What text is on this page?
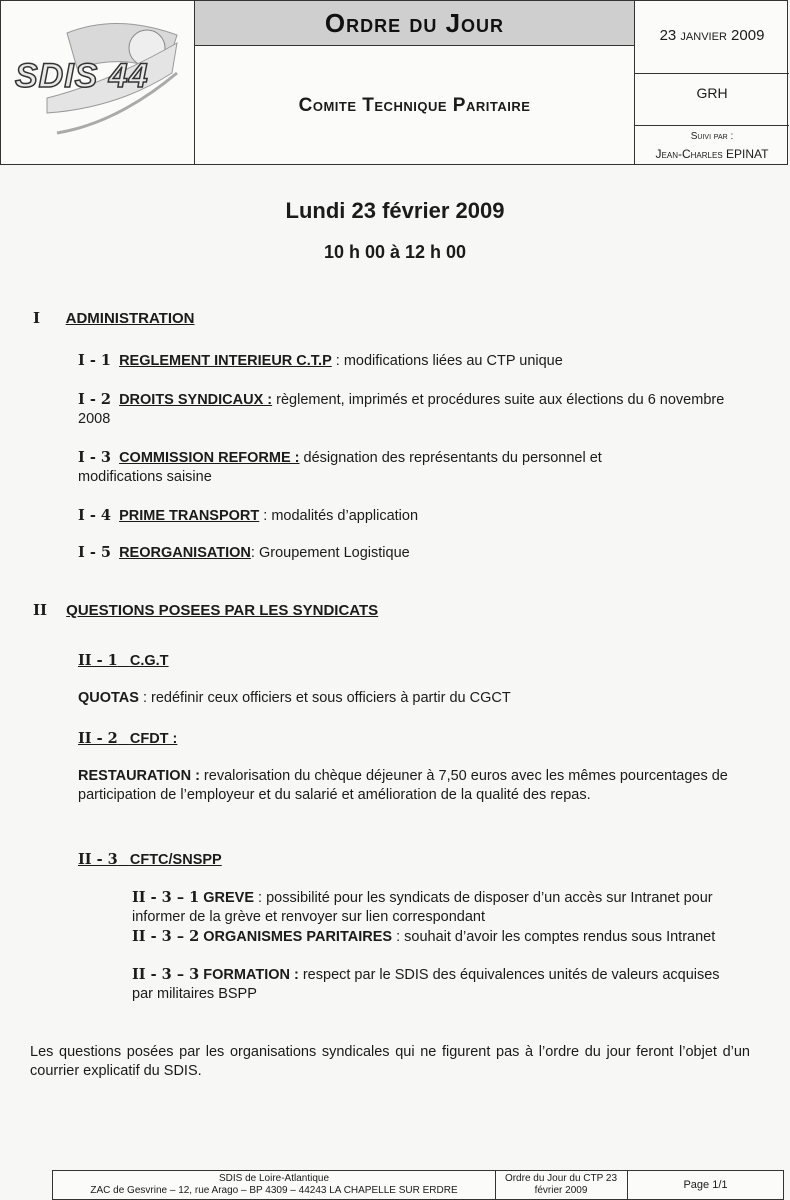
SDIS 44
Ordre du Jour
Comite Technique Paritaire
23 janvier 2009
GRH
Suivi par :
Jean-Charles EPINAT
Lundi 23 février 2009
10 h 00 à 12 h 00
I ADMINISTRATION
I - 1 REGLEMENT INTERIEUR C.T.P : modifications liées au CTP unique
I - 2 DROITS SYNDICAUX : règlement, imprimés et procédures suite aux élections du 6 novembre 2008
I - 3 COMMISSION REFORME : désignation des représentants du personnel et modifications saisine
I - 4 PRIME TRANSPORT : modalités d’application
I - 5 REORGANISATION: Groupement Logistique
II QUESTIONS POSEES PAR LES SYNDICATS
II - 1 C.G.T
QUOTAS : redéfinir ceux officiers et sous officiers à partir du CGCT
II - 2 CFDT :
RESTAURATION : revalorisation du chèque déjeuner à 7,50 euros avec les mêmes pourcentages de participation de l’employeur et du salarié et amélioration de la qualité des repas.
II - 3 CFTC/SNSPP
II - 3 – 1 GREVE : possibilité pour les syndicats de disposer d’un accès sur Intranet pour informer de la grève et renvoyer sur lien correspondant
II - 3 – 2 ORGANISMES PARITAIRES : souhait d’avoir les comptes rendus sous Intranet
II - 3 – 3 FORMATION : respect par le SDIS des équivalences unités de valeurs acquises par militaires BSPP
Les questions posées par les organisations syndicales qui ne figurent pas à l’ordre du jour feront l’objet d’un courrier explicatif du SDIS.
SDIS de Loire-Atlantique
ZAC de Gesvrine – 12, rue Arago – BP 4309 – 44243 LA CHAPELLE SUR ERDRE
Ordre du Jour du CTP 23
février 2009	Page 1/1
